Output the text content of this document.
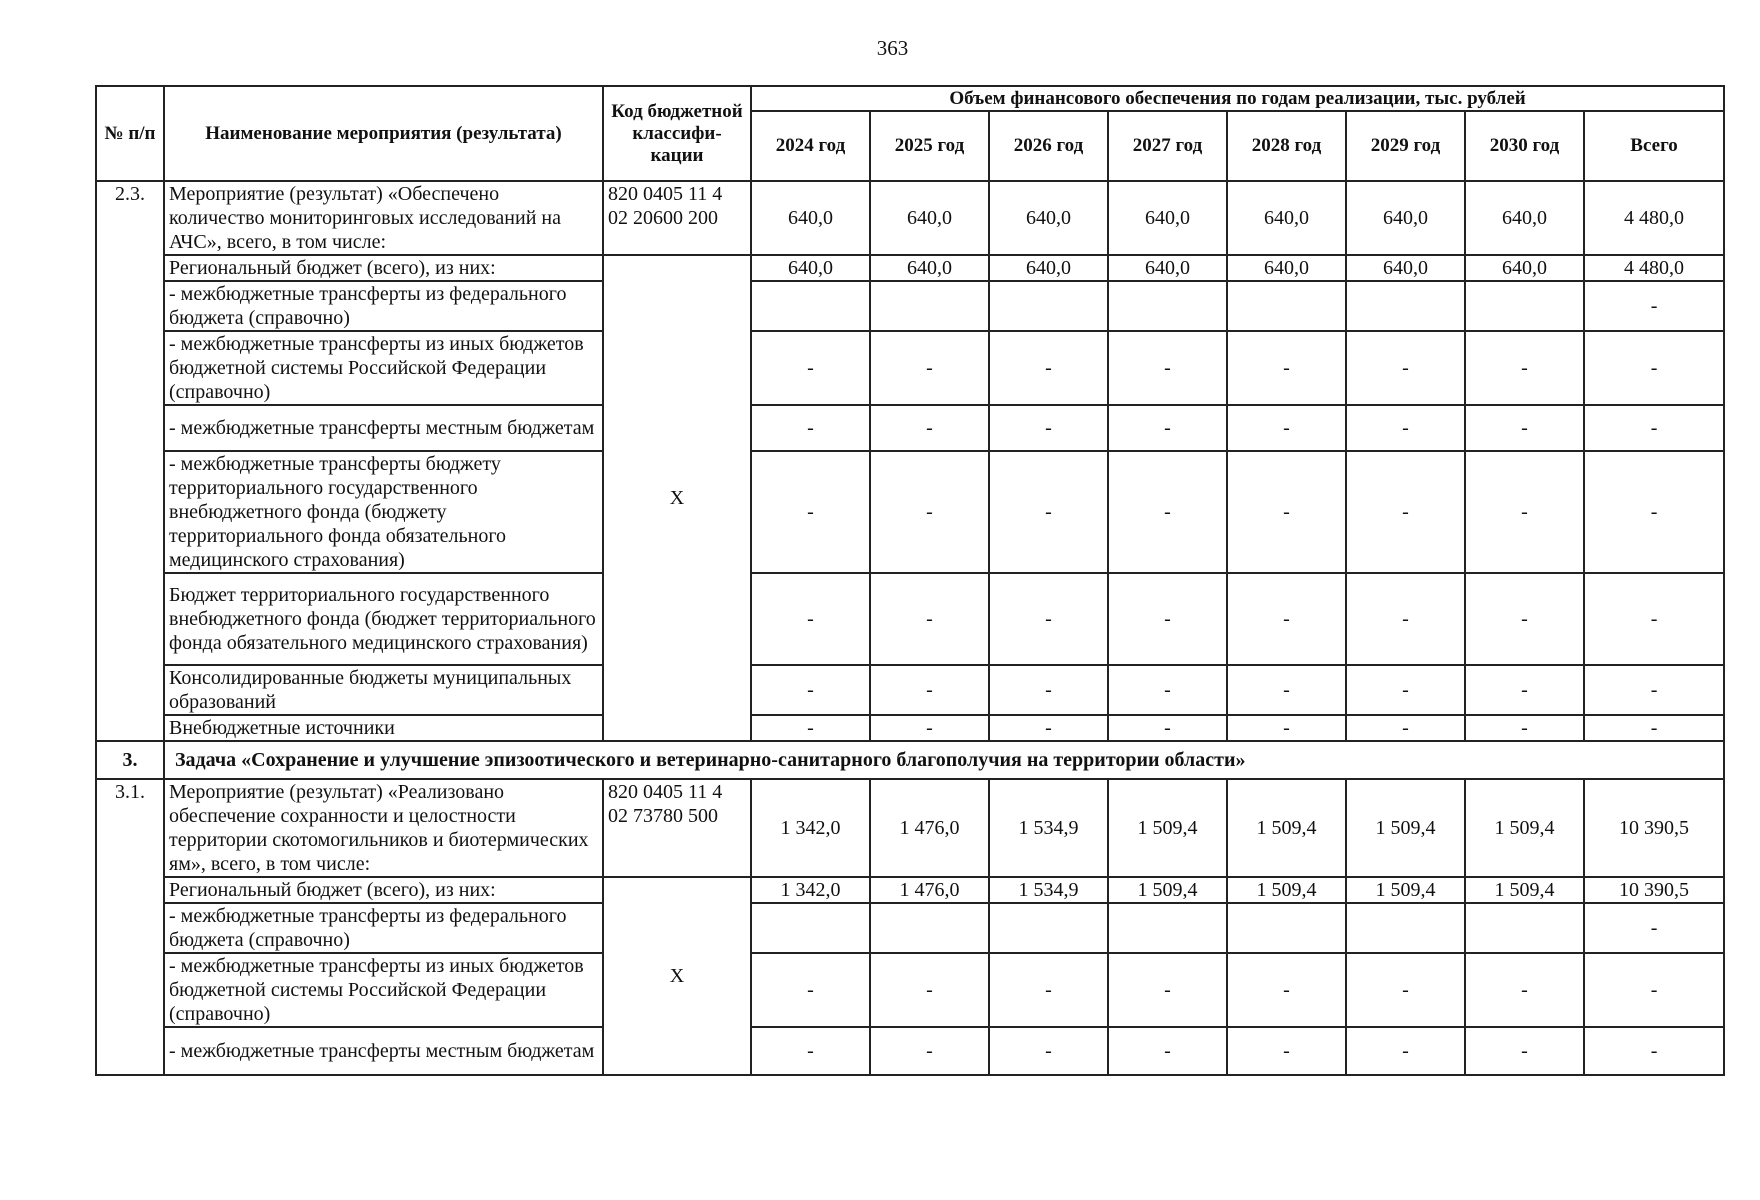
363
№ п/п	Наименование мероприятия (результата)	Код бюджетной классифи-кации	Объем финансового обеспечения по годам реализации, тыс. рублей							
			2024 год	2025 год	2026 год	2027 год	2028 год	2029 год	2030 год	Всего
2.3.	Мероприятие (результат) «Обеспечено количество мониторинговых исследований на АЧС», всего, в том числе:	820 0405 11 4 02 20600 200	640,0	640,0	640,0	640,0	640,0	640,0	640,0	4 480,0
	Региональный бюджет (всего), из них:	Х	640,0	640,0	640,0	640,0	640,0	640,0	640,0	4 480,0
	- межбюджетные трансферты из федерального бюджета (справочно)									-
	- межбюджетные трансферты из иных бюджетов бюджетной системы Российской Федерации (справочно)		-	-	-	-	-	-	-	-
	- межбюджетные трансферты местным бюджетам		-	-	-	-	-	-	-	-
	- межбюджетные трансферты бюджету территориального государственного внебюджетного фонда (бюджету территориального фонда обязательного медицинского страхования)		-	-	-	-	-	-	-	-
	Бюджет территориального государственного внебюджетного фонда (бюджет территориального фонда обязательного медицинского страхования)		-	-	-	-	-	-	-	-
	Консолидированные бюджеты муниципальных образований		-	-	-	-	-	-	-	-
	Внебюджетные источники		-	-	-	-	-	-	-	-
3.	Задача «Сохранение и улучшение эпизоотического и ветеринарно-санитарного благополучия на территории области»									
3.1.	Мероприятие (результат) «Реализовано обеспечение сохранности и целостности территории скотомогильников и биотермических ям», всего, в том числе:	820 0405 11 4 02 73780 500	1 342,0	1 476,0	1 534,9	1 509,4	1 509,4	1 509,4	1 509,4	10 390,5
	Региональный бюджет (всего), из них:	Х	1 342,0	1 476,0	1 534,9	1 509,4	1 509,4	1 509,4	1 509,4	10 390,5
	- межбюджетные трансферты из федерального бюджета (справочно)									-
	- межбюджетные трансферты из иных бюджетов бюджетной системы Российской Федерации (справочно)		-	-	-	-	-	-	-	-
	- межбюджетные трансферты местным бюджетам		-	-	-	-	-	-	-	-
